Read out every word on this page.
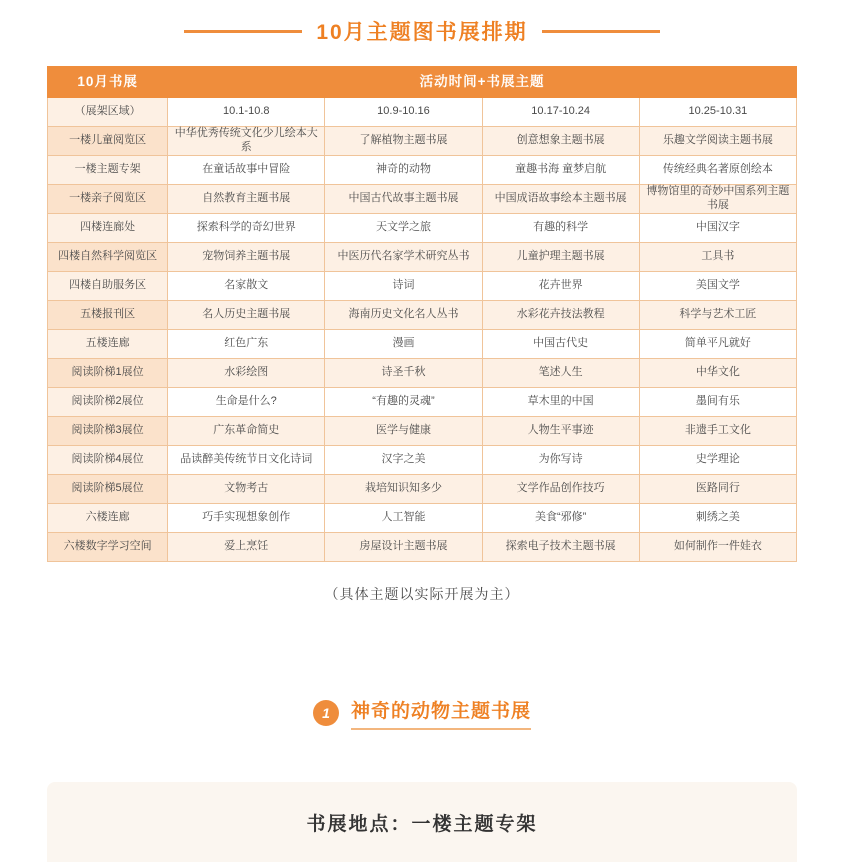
10月主题图书展排期
10月书展	活动时间+书展主题			
（展架区域）	10.1-10.8	10.9-10.16	10.17-10.24	10.25-10.31
一楼儿童阅览区	中华优秀传统文化少儿绘本大系	了解植物主题书展	创意想象主题书展	乐趣文学阅读主题书展
一楼主题专架	在童话故事中冒险	神奇的动物	童趣书海 童梦启航	传统经典名著原创绘本
一楼亲子阅览区	自然教育主题书展	中国古代故事主题书展	中国成语故事绘本主题书展	博物馆里的奇妙中国系列主题书展
四楼连廊处	探索科学的奇幻世界	天文学之旅	有趣的科学	中国汉字
四楼自然科学阅览区	宠物饲养主题书展	中医历代名家学术研究丛书	儿童护理主题书展	工具书
四楼自助服务区	名家散文	诗词	花卉世界	美国文学
五楼报刊区	名人历史主题书展	海南历史文化名人丛书	水彩花卉技法教程	科学与艺术工匠
五楼连廊	红色广东	漫画	中国古代史	简单平凡就好
阅读阶梯1展位	水彩绘图	诗圣千秋	笔述人生	中华文化
阅读阶梯2展位	生命是什么?	“有趣的灵魂”	草木里的中国	墨间有乐
阅读阶梯3展位	广东革命简史	医学与健康	人物生平事迹	非遗手工文化
阅读阶梯4展位	品读醉美传统节日文化诗词	汉字之美	为你写诗	史学理论
阅读阶梯5展位	文物考古	栽培知识知多少	文学作品创作技巧	医路同行
六楼连廊	巧手实现想象创作	人工智能	美食“邪修”	刺绣之美
六楼数字学习空间	爱上烹饪	房屋设计主题书展	探索电子技术主题书展	如何制作一件娃衣
（具体主题以实际开展为主）
1	神奇的动物主题书展
书展地点：一楼主题专架
